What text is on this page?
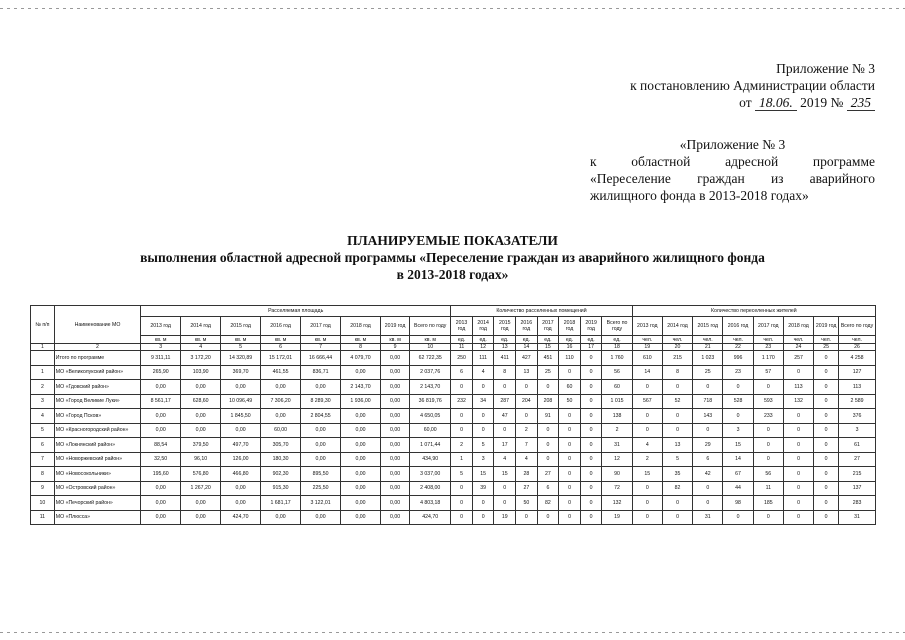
Приложение № 3
к постановлению Администрации области
от 18.06. 2019 № 235
«Приложение № 3
к областной адресной программе
«Переселение граждан из аварийного
жилищного фонда в 2013-2018 годах»
ПЛАНИРУЕМЫЕ ПОКАЗАТЕЛИ
выполнения областной адресной программы «Переселение граждан из аварийного жилищного фонда
в 2013-2018 годах»
№ п/п	Наименование МО	Расселяемая площадь								Количество расселенных помещений								Количество переселенных жителей							
		2013 год	2014 год	2015 год	2016 год	2017 год	2018 год	2019 год	Всего по году	2013 год	2014 год	2015 год	2016 год	2017 год	2018 год	2019 год	Всего по году	2013 год	2014 год	2015 год	2016 год	2017 год	2018 год	2019 год	Всего по году
		кв. м	кв. м	кв. м	кв. м	кв. м	кв. м	кв. м	кв. м	ед.	ед.	ед.	ед.	ед.	ед.	ед.	ед.	чел.	чел.	чел.	чел.	чел.	чел.	чел.	чел.
1	2	3	4	5	6	7	8	9	10	11	12	13	14	15	16	17	18	19	20	21	22	23	24	25	26
	Итого по программе	9 311,11	3 172,20	14 320,89	15 172,01	16 666,44	4 079,70	0,00	62 722,35	250	111	411	427	451	110	0	1 760	610	215	1 023	996	1 170	257	0	4 258
1	МО «Великолукский район»	265,90	103,90	369,70	461,55	836,71	0,00	0,00	2 037,76	6	4	8	13	25	0	0	56	14	8	25	23	57	0	0	127
2	МО «Гдовский район»	0,00	0,00	0,00	0,00	0,00	2 143,70	0,00	2 143,70	0	0	0	0	0	60	0	60	0	0	0	0	0	113	0	113
3	МО «Город Великие Луки»	8 561,17	628,60	10 096,49	7 306,20	8 289,30	1 936,00	0,00	36 819,76	232	34	287	204	208	50	0	1 015	567	52	718	528	593	132	0	2 589
4	МО «Город Псков»	0,00	0,00	1 845,50	0,00	2 804,55	0,00	0,00	4 650,05	0	0	47	0	91	0	0	138	0	0	143	0	233	0	0	376
5	МО «Красногородский район»	0,00	0,00	0,00	60,00	0,00	0,00	0,00	60,00	0	0	0	2	0	0	0	2	0	0	0	3	0	0	0	3
6	МО «Локнянский район»	88,54	379,50	497,70	305,70	0,00	0,00	0,00	1 071,44	2	5	17	7	0	0	0	31	4	13	29	15	0	0	0	61
7	МО «Новоржевский район»	32,50	96,10	126,00	180,30	0,00	0,00	0,00	434,90	1	3	4	4	0	0	0	12	2	5	6	14	0	0	0	27
8	МО «Новосокольники»	195,60	576,80	466,80	902,30	895,50	0,00	0,00	3 037,00	5	15	15	28	27	0	0	90	15	35	42	67	56	0	0	215
9	МО «Островский район»	0,00	1 267,20	0,00	915,30	225,50	0,00	0,00	2 408,00	0	39	0	27	6	0	0	72	0	82	0	44	11	0	0	137
10	МО «Печорский район»	0,00	0,00	0,00	1 681,17	3 122,01	0,00	0,00	4 803,18	0	0	0	50	82	0	0	132	0	0	0	98	185	0	0	283
11	МО «Плюсса»	0,00	0,00	424,70	0,00	0,00	0,00	0,00	424,70	0	0	19	0	0	0	0	19	0	0	31	0	0	0	0	31
